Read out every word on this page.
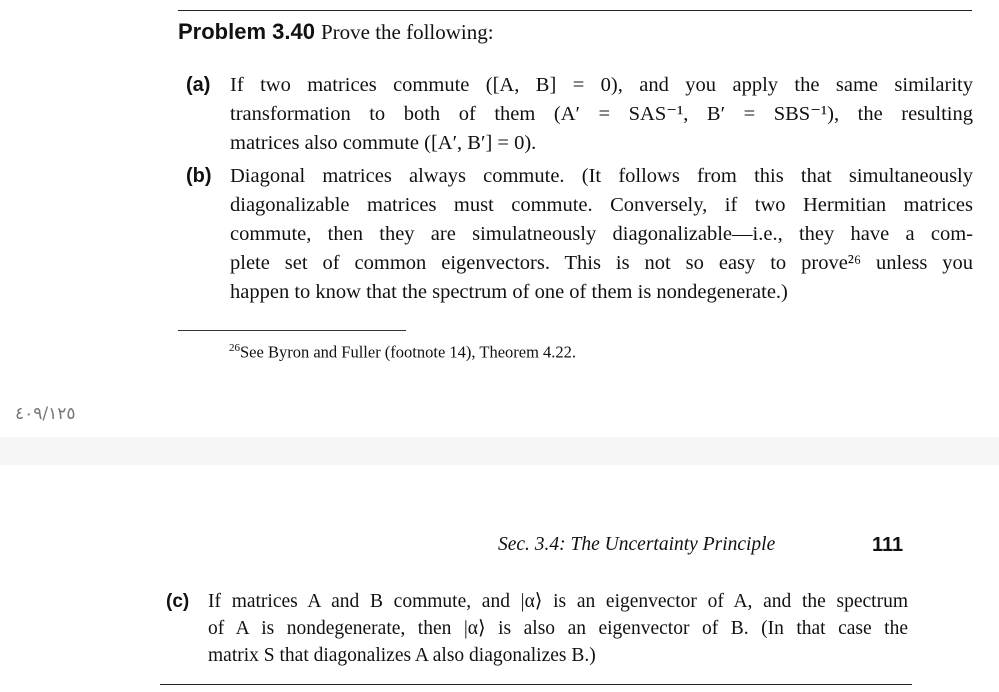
Problem 3.40 Prove the following:
(a) If two matrices commute ([A, B] = 0), and you apply the same similarity
transformation to both of them (A′ = SAS⁻¹, B′ = SBS⁻¹), the resulting
matrices also commute ([A′, B′] = 0).
(b) Diagonal matrices always commute. (It follows from this that simultaneously
diagonalizable matrices must commute. Conversely, if two Hermitian matrices
commute, then they are simulatneously diagonalizable—i.e., they have a com-
plete set of common eigenvectors. This is not so easy to prove²⁶ unless you
happen to know that the spectrum of one of them is nondegenerate.)
$^{26}$See Byron and Fuller (footnote 14), Theorem 4.22.
٤٠٩/١٢٥
Sec. 3.4: The Uncertainty Principle	111
(c) If matrices A and B commute, and |α⟩ is an eigenvector of A, and the spectrum
of A is nondegenerate, then |α⟩ is also an eigenvector of B. (In that case the
matrix S that diagonalizes A also diagonalizes B.)
